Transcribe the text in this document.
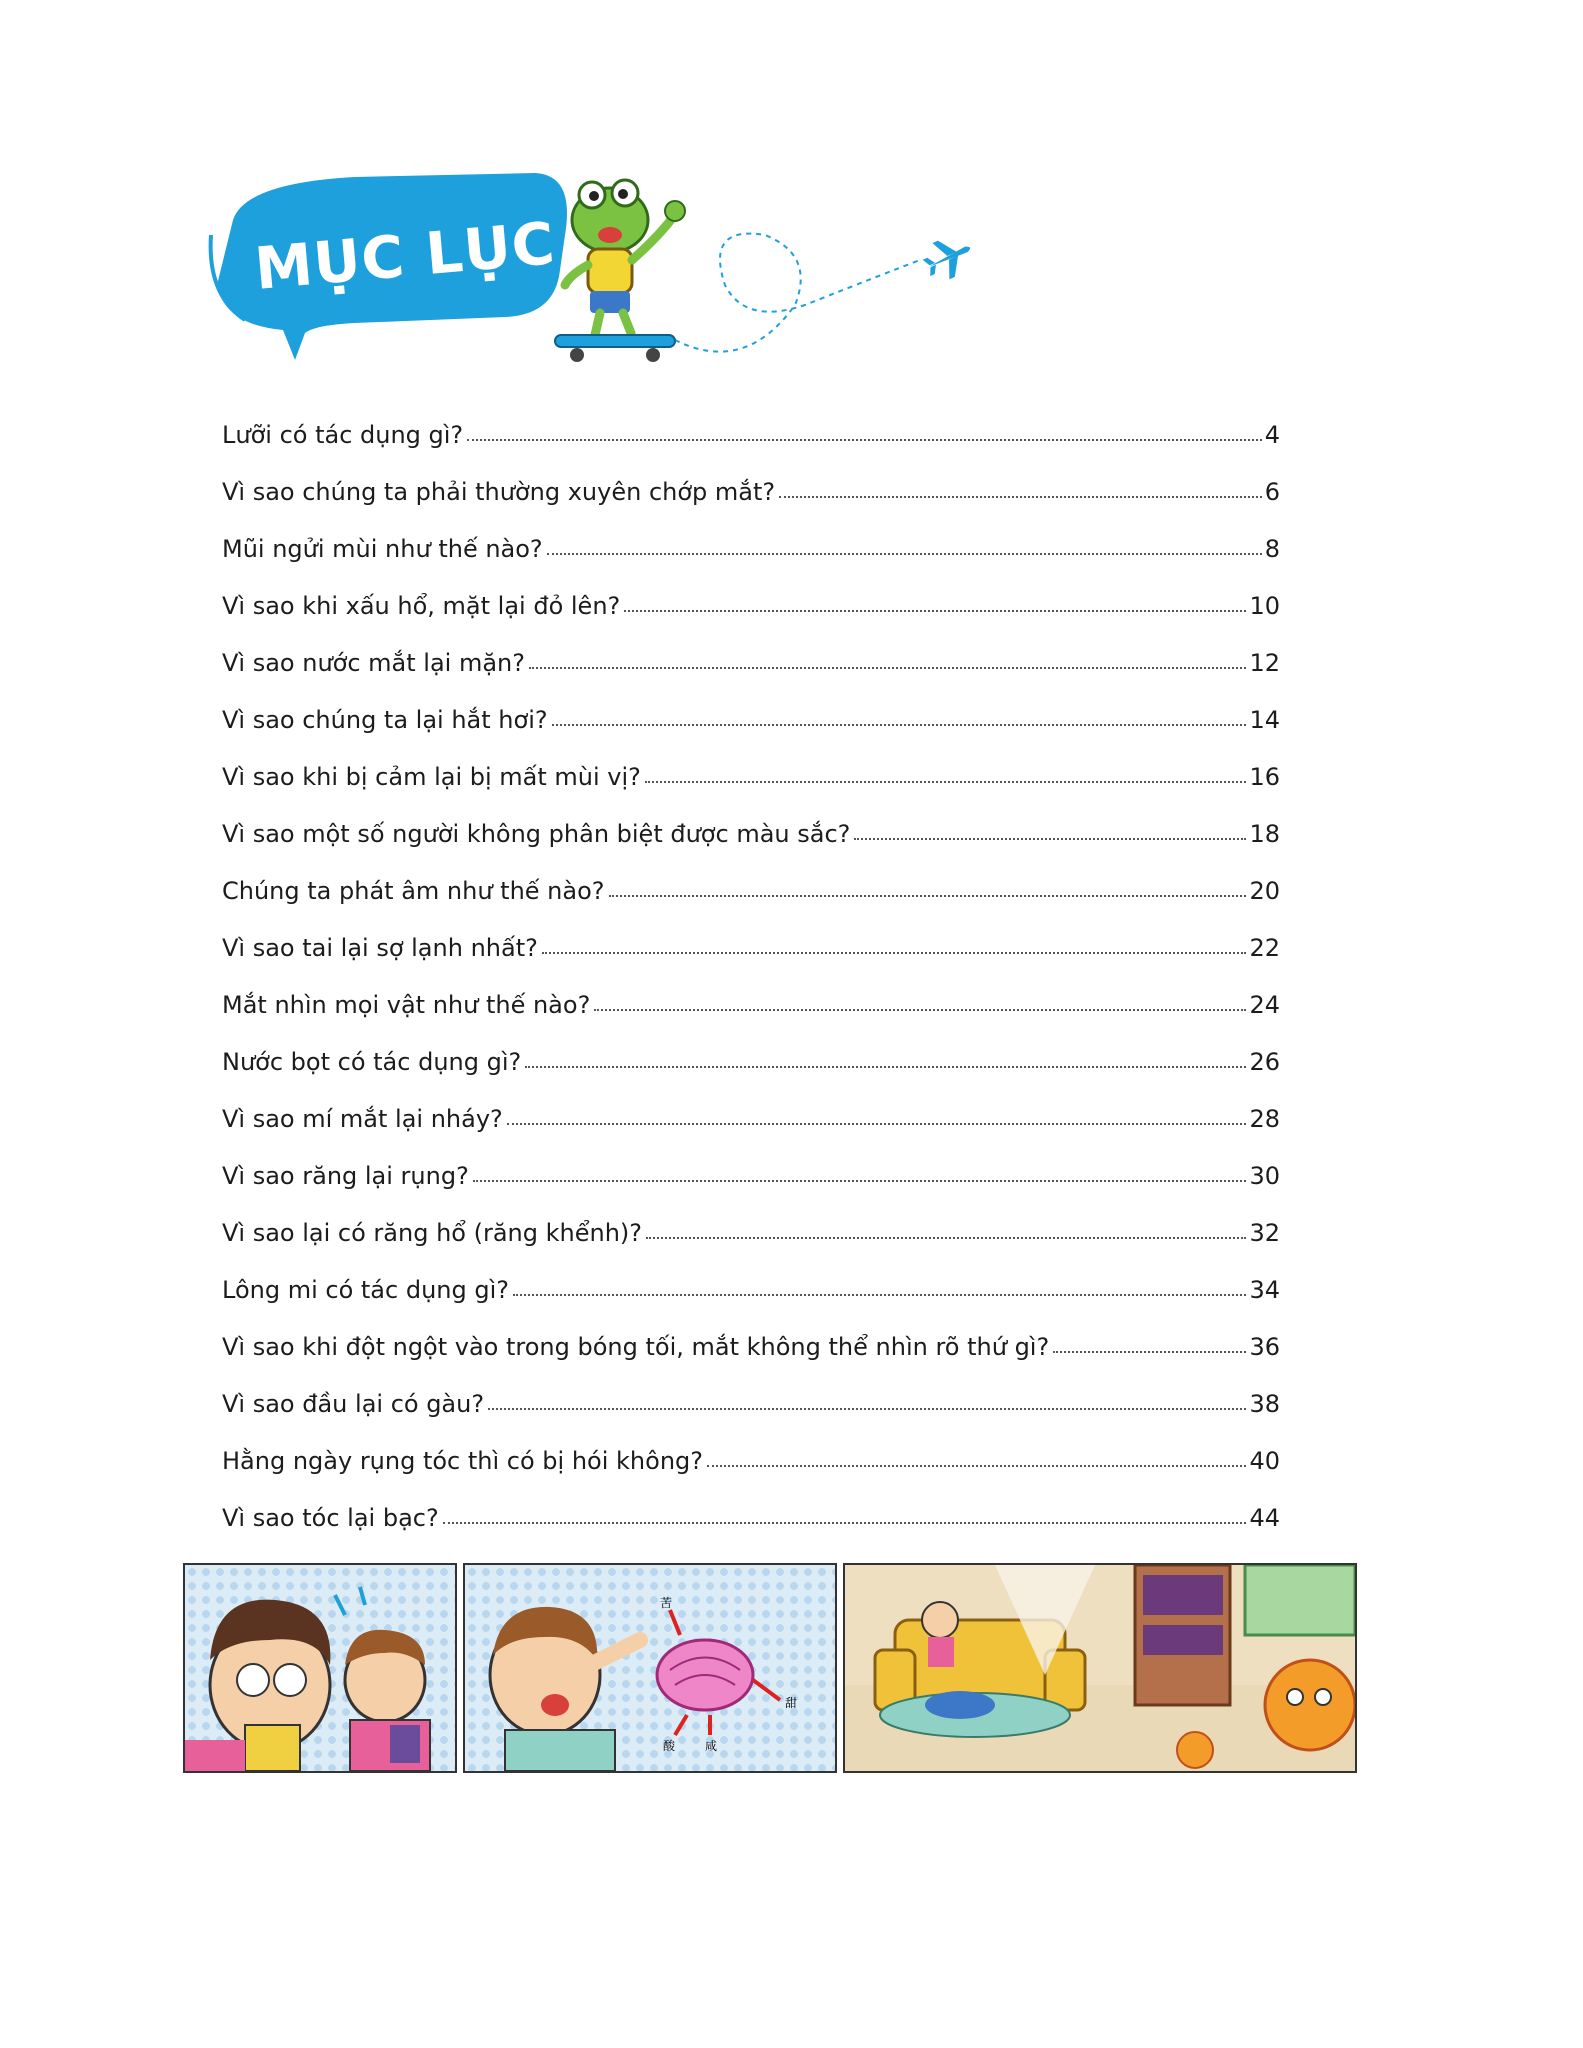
MỤC LỤC
Lưỡi có tác dụng gì?	4
Vì sao chúng ta phải thường xuyên chớp mắt?	6
Mũi ngửi mùi như thế nào?	8
Vì sao khi xấu hổ, mặt lại đỏ lên?	10
Vì sao nước mắt lại mặn?	12
Vì sao chúng ta lại hắt hơi?	14
Vì sao khi bị cảm lại bị mất mùi vị?	16
Vì sao một số người không phân biệt được màu sắc?	18
Chúng ta phát âm như thế nào?	20
Vì sao tai lại sợ lạnh nhất?	22
Mắt nhìn mọi vật như thế nào?	24
Nước bọt có tác dụng gì?	26
Vì sao mí mắt lại nháy?	28
Vì sao răng lại rụng?	30
Vì sao lại có răng hổ (răng khểnh)?	32
Lông mi có tác dụng gì?	34
Vì sao khi đột ngột vào trong bóng tối, mắt không thể nhìn rõ thứ gì?	36
Vì sao đầu lại có gàu?	38
Hằng ngày rụng tóc thì có bị hói không?	40
Vì sao tóc lại bạc?	44
苦
酸 咸
甜
